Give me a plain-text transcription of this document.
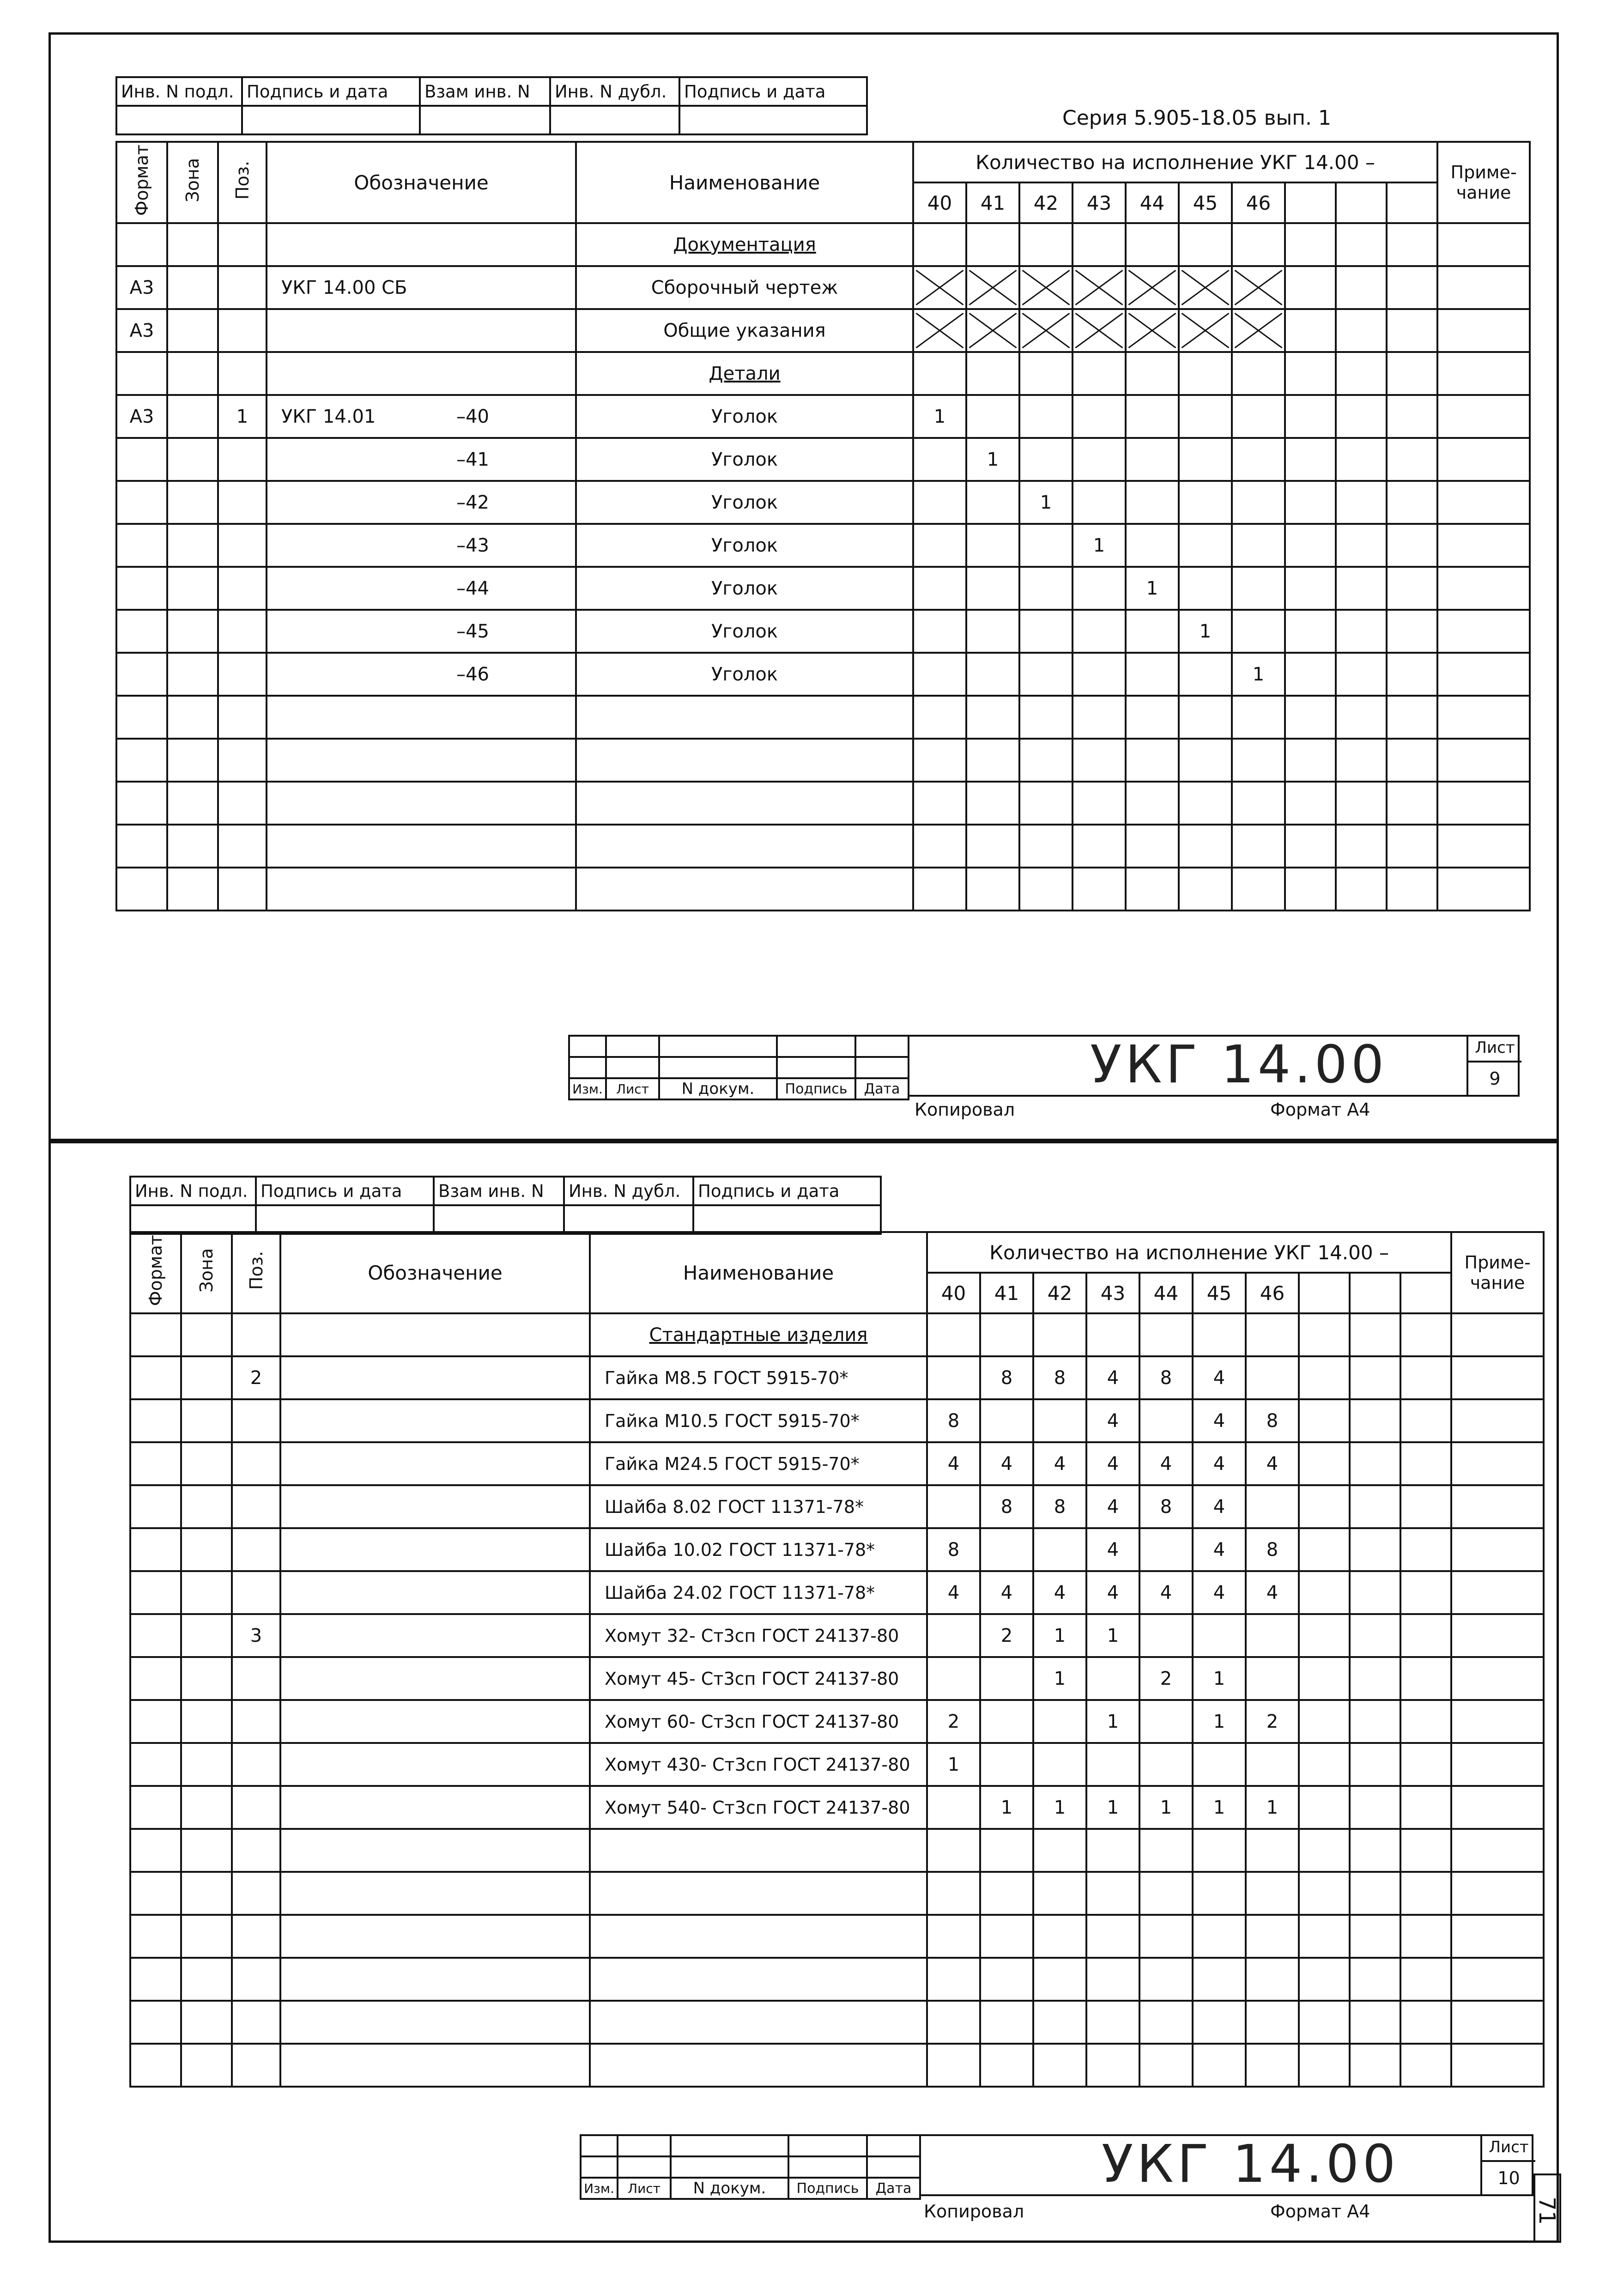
Инв. N подл.	Подпись и дата	Взам инв. N	Инв. N дубл.	Подпись и дата

Серия 5.905-18.05 вып. 1
Формат	Зона	Поз.	Обозначение	Наименование	Количество на исполнение УКГ 14.00 –										Приме-чание
					40	41	42	43	44	45	46				
				Документация											
А3			УКГ 14.00 СБ	Сборочный чертеж	

А3				Общие указания	

				Детали											
А3		1	УКГ 14.01 –40	Уголок	1										
			–41	Уголок		1									
			–42	Уголок			1								
			–43	Уголок				1							
			–44	Уголок					1						
			–45	Уголок						1					
			–46	Уголок							1				

Изм.	Лист	N докум.	Подпись	Дата	УКГ 14.00	Лист
9
Копировал	Формат А4
Инв. N подл.	Подпись и дата	Взам инв. N	Инв. N дубл.	Подпись и дата

Формат	Зона	Поз.	Обозначение	Наименование	Количество на исполнение УКГ 14.00 –										Приме-чание
					40	41	42	43	44	45	46				
				Стандартные изделия											
		2		Гайка М8.5 ГОСТ 5915-70*		8	8	4	8	4					
				Гайка М10.5 ГОСТ 5915-70*	8			4		4	8				
				Гайка М24.5 ГОСТ 5915-70*	4	4	4	4	4	4	4				
				Шайба 8.02 ГОСТ 11371-78*		8	8	4	8	4					
				Шайба 10.02 ГОСТ 11371-78*	8			4		4	8				
				Шайба 24.02 ГОСТ 11371-78*	4	4	4	4	4	4	4				
		3		Хомут 32- Ст3сп ГОСТ 24137-80		2	1	1							
				Хомут 45- Ст3сп ГОСТ 24137-80			1		2	1					
				Хомут 60- Ст3сп ГОСТ 24137-80	2			1		1	2				
				Хомут 430- Ст3сп ГОСТ 24137-80	1										
				Хомут 540- Ст3сп ГОСТ 24137-80		1	1	1	1	1	1				

Изм.	Лист	N докум.	Подпись	Дата	УКГ 14.00	Лист
10
Копировал	Формат А4	71
